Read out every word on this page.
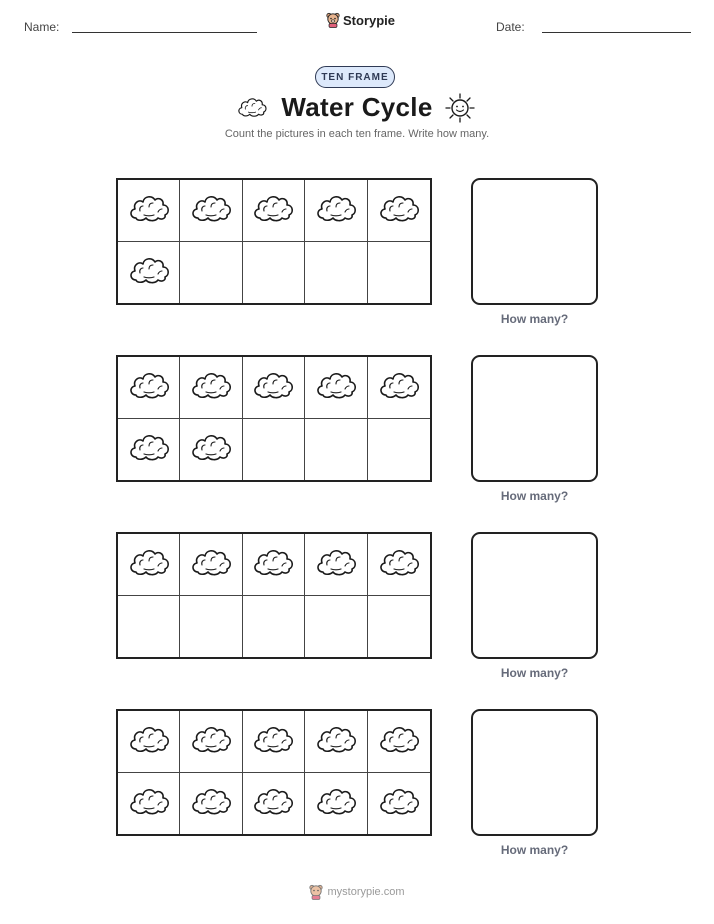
Name:	Storypie	Date:
TEN FRAME
Water Cycle
Count the pictures in each ten frame. Write how many.
How many?
How many?
How many?
How many?
mystorypie.com
